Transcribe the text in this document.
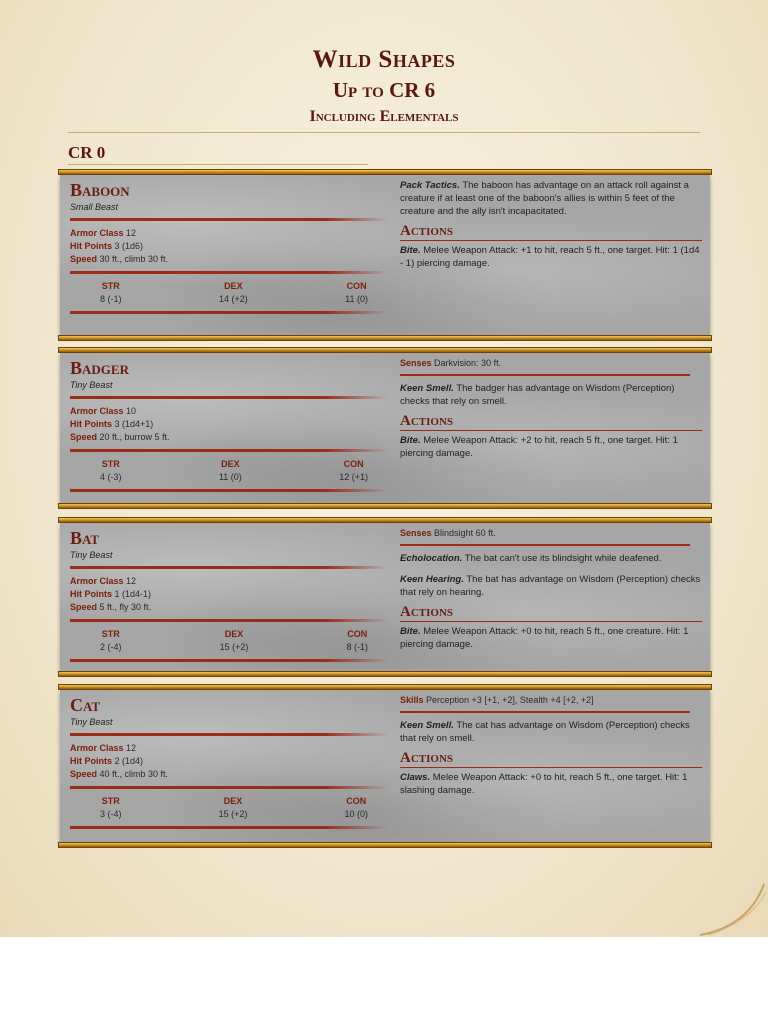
Wild Shapes
Up to CR 6
Including Elementals
CR 0
Baboon
Small Beast
Armor Class 12
Hit Points 3 (1d6)
Speed 30 ft., climb 30 ft.
STR
8 (-1)
DEX
14 (+2)
CON
11 (0)
Pack Tactics. The baboon has advantage on an attack roll against a creature if at least one of the baboon's allies is within 5 feet of the creature and the ally isn't incapacitated.
Actions
Bite. Melee Weapon Attack: +1 to hit, reach 5 ft., one target. Hit: 1 (1d4 - 1) piercing damage.
Badger
Tiny Beast
Armor Class 10
Hit Points 3 (1d4+1)
Speed 20 ft., burrow 5 ft.
STR
4 (-3)
DEX
11 (0)
CON
12 (+1)
Senses Darkvision: 30 ft.
Keen Smell. The badger has advantage on Wisdom (Perception) checks that rely on smell.
Actions
Bite. Melee Weapon Attack: +2 to hit, reach 5 ft., one target. Hit: 1 piercing damage.
Bat
Tiny Beast
Armor Class 12
Hit Points 1 (1d4-1)
Speed 5 ft., fly 30 ft.
STR
2 (-4)
DEX
15 (+2)
CON
8 (-1)
Senses Blindsight 60 ft.
Echolocation. The bat can't use its blindsight while deafened.
Keen Hearing. The bat has advantage on Wisdom (Perception) checks that rely on hearing.
Actions
Bite. Melee Weapon Attack: +0 to hit, reach 5 ft., one creature. Hit: 1 piercing damage.
Cat
Tiny Beast
Armor Class 12
Hit Points 2 (1d4)
Speed 40 ft., climb 30 ft.
STR
3 (-4)
DEX
15 (+2)
CON
10 (0)
Skills Perception +3 [+1, +2], Stealth +4 [+2, +2]
Keen Smell. The cat has advantage on Wisdom (Perception) checks that rely on smell.
Actions
Claws. Melee Weapon Attack: +0 to hit, reach 5 ft., one target. Hit: 1 slashing damage.
